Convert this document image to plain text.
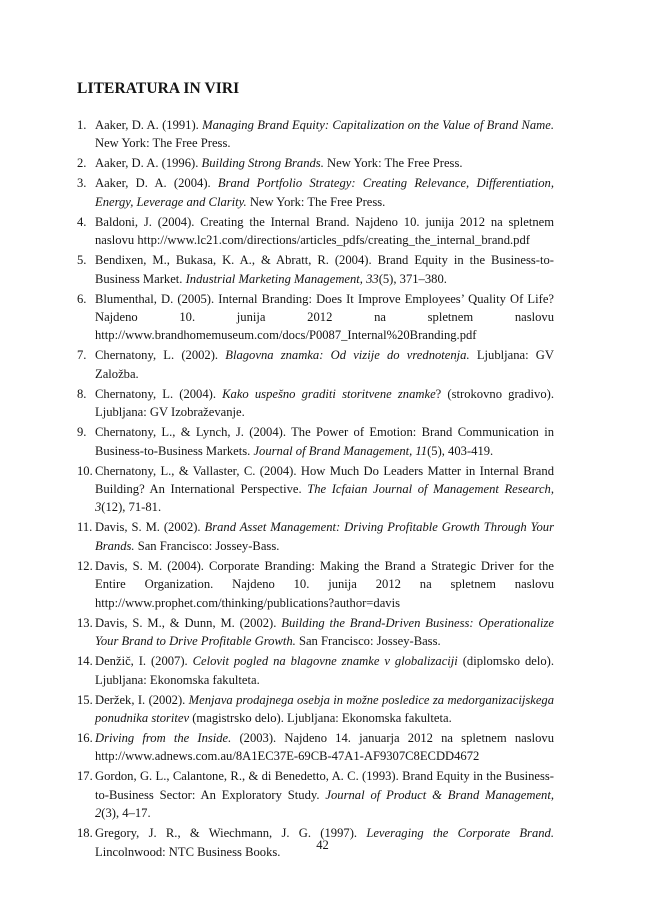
LITERATURA IN VIRI
1. Aaker, D. A. (1991). Managing Brand Equity: Capitalization on the Value of Brand Name. New York: The Free Press.
2. Aaker, D. A. (1996). Building Strong Brands. New York: The Free Press.
3. Aaker, D. A. (2004). Brand Portfolio Strategy: Creating Relevance, Differentiation, Energy, Leverage and Clarity. New York: The Free Press.
4. Baldoni, J. (2004). Creating the Internal Brand. Najdeno 10. junija 2012 na spletnem naslovu http://www.lc21.com/directions/articles_pdfs/creating_the_internal_brand.pdf
5. Bendixen, M., Bukasa, K. A., & Abratt, R. (2004). Brand Equity in the Business-to-Business Market. Industrial Marketing Management, 33(5), 371–380.
6. Blumenthal, D. (2005). Internal Branding: Does It Improve Employees’ Quality Of Life? Najdeno 10. junija 2012 na spletnem naslovu http://www.brandhomemuseum.com/docs/P0087_Internal%20Branding.pdf
7. Chernatony, L. (2002). Blagovna znamka: Od vizije do vrednotenja. Ljubljana: GV Založba.
8. Chernatony, L. (2004). Kako uspešno graditi storitvene znamke? (strokovno gradivo). Ljubljana: GV Izobraževanje.
9. Chernatony, L., & Lynch, J. (2004). The Power of Emotion: Brand Communication in Business-to-Business Markets. Journal of Brand Management, 11(5), 403-419.
10. Chernatony, L., & Vallaster, C. (2004). How Much Do Leaders Matter in Internal Brand Building? An International Perspective. The Icfaian Journal of Management Research, 3(12), 71-81.
11. Davis, S. M. (2002). Brand Asset Management: Driving Profitable Growth Through Your Brands. San Francisco: Jossey-Bass.
12. Davis, S. M. (2004). Corporate Branding: Making the Brand a Strategic Driver for the Entire Organization. Najdeno 10. junija 2012 na spletnem naslovu http://www.prophet.com/thinking/publications?author=davis
13. Davis, S. M., & Dunn, M. (2002). Building the Brand-Driven Business: Operationalize Your Brand to Drive Profitable Growth. San Francisco: Jossey-Bass.
14. Denžič, I. (2007). Celovit pogled na blagovne znamke v globalizaciji (diplomsko delo). Ljubljana: Ekonomska fakulteta.
15. Deržek, I. (2002). Menjava prodajnega osebja in možne posledice za medorganizacijskega ponudnika storitev (magistrsko delo). Ljubljana: Ekonomska fakulteta.
16. Driving from the Inside. (2003). Najdeno 14. januarja 2012 na spletnem naslovu http://www.adnews.com.au/8A1EC37E-69CB-47A1-AF9307C8ECDD4672
17. Gordon, G. L., Calantone, R., & di Benedetto, A. C. (1993). Brand Equity in the Business-to-Business Sector: An Exploratory Study. Journal of Product & Brand Management, 2(3), 4–17.
18. Gregory, J. R., & Wiechmann, J. G. (1997). Leveraging the Corporate Brand. Lincolnwood: NTC Business Books.	42
